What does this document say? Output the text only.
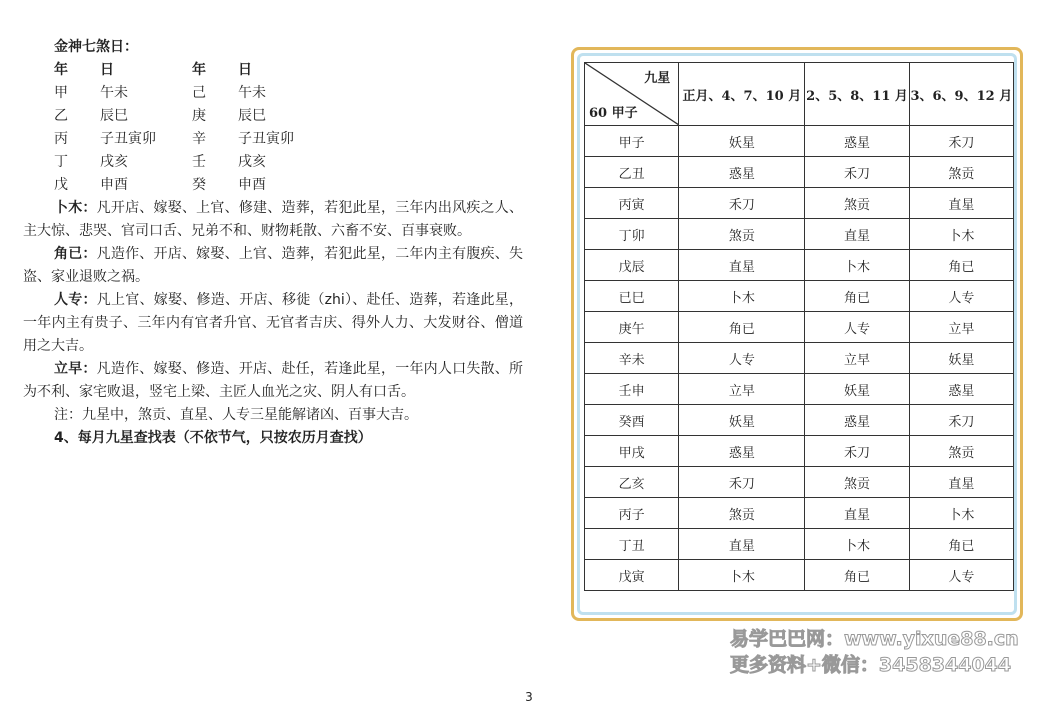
金神七煞日：
年	日	年	日
甲	午未	己	午未
乙	辰巳	庚	辰巳
丙	子丑寅卯	辛	子丑寅卯
丁	戌亥	壬	戌亥
戊	申酉	癸	申酉
卜木：凡开店、嫁娶、上官、修建、造葬，若犯此星，三年内出风疾之人、主大惊、悲哭、官司口舌、兄弟不和、财物耗散、六畜不安、百事衰败。
角已：凡造作、开店、嫁娶、上官、造葬，若犯此星，二年内主有腹疾、失盗、家业退败之祸。
人专：凡上官、嫁娶、修造、开店、移徙（zhi）、赴任、造葬，若逢此星，一年内主有贵子、三年内有官者升官、无官者吉庆、得外人力、大发财谷、僧道用之大吉。
立早：凡造作、嫁娶、修造、开店、赴任，若逢此星，一年内人口失散、所为不利、家宅败退，竖宅上梁、主匠人血光之灾、阴人有口舌。
注：九星中，煞贡、直星、人专三星能解诸凶、百事大吉。
4、每月九星查找表（不依节气，只按农历月查找）
九星
60 甲子	正月、4、7、10 月	2、5、8、11 月	3、6、9、12 月
甲子	妖星	惑星	禾刀
乙丑	惑星	禾刀	煞贡
丙寅	禾刀	煞贡	直星
丁卯	煞贡	直星	卜木
戊辰	直星	卜木	角已
已巳	卜木	角已	人专
庚午	角已	人专	立早
辛未	人专	立早	妖星
壬申	立早	妖星	惑星
癸酉	妖星	惑星	禾刀
甲戌	惑星	禾刀	煞贡
乙亥	禾刀	煞贡	直星
丙子	煞贡	直星	卜木
丁丑	直星	卜木	角已
戊寅	卜木	角已	人专
易学巴巴网：www.yixue88.cn
更多资料+微信：3458344044
3
